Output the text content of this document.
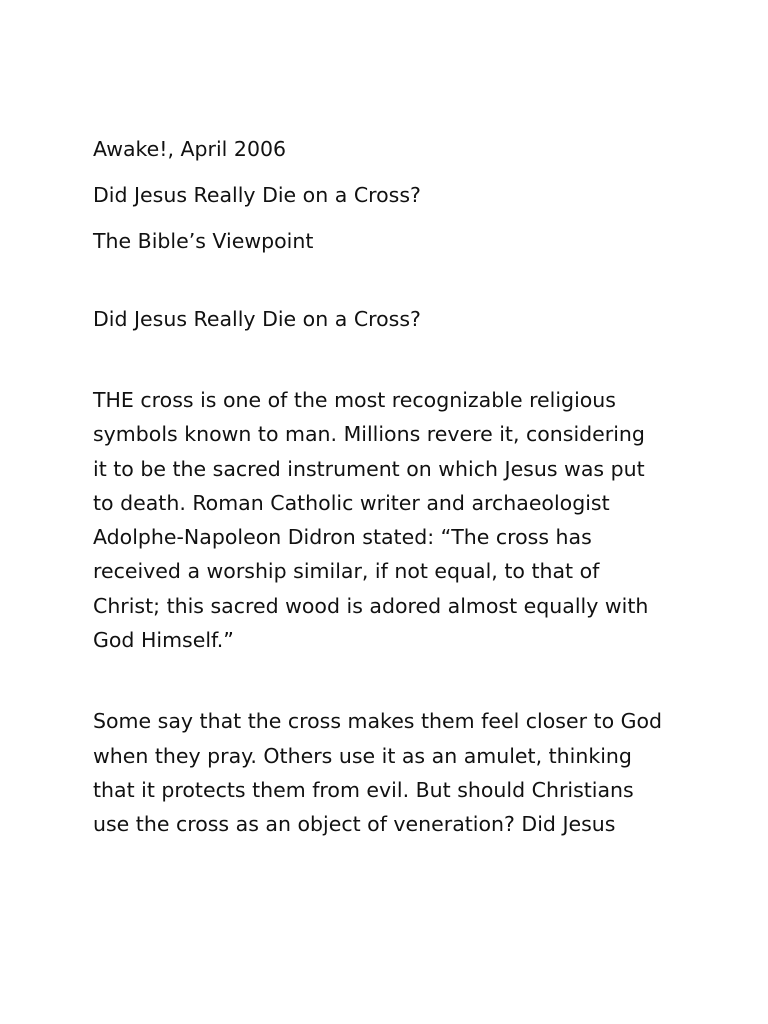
Awake!, April 2006

Did Jesus Really Die on a Cross?

The Bible’s Viewpoint

Did Jesus Really Die on a Cross?

THE cross is one of the most recognizable religious
symbols known to man. Millions revere it, considering
it to be the sacred instrument on which Jesus was put
to death. Roman Catholic writer and archaeologist
Adolphe-Napoleon Didron stated: “The cross has
received a worship similar, if not equal, to that of
Christ; this sacred wood is adored almost equally with
God Himself.”
Some say that the cross makes them feel closer to God
when they pray. Others use it as an amulet, thinking
that it protects them from evil. But should Christians
use the cross as an object of veneration? Did Jesus
